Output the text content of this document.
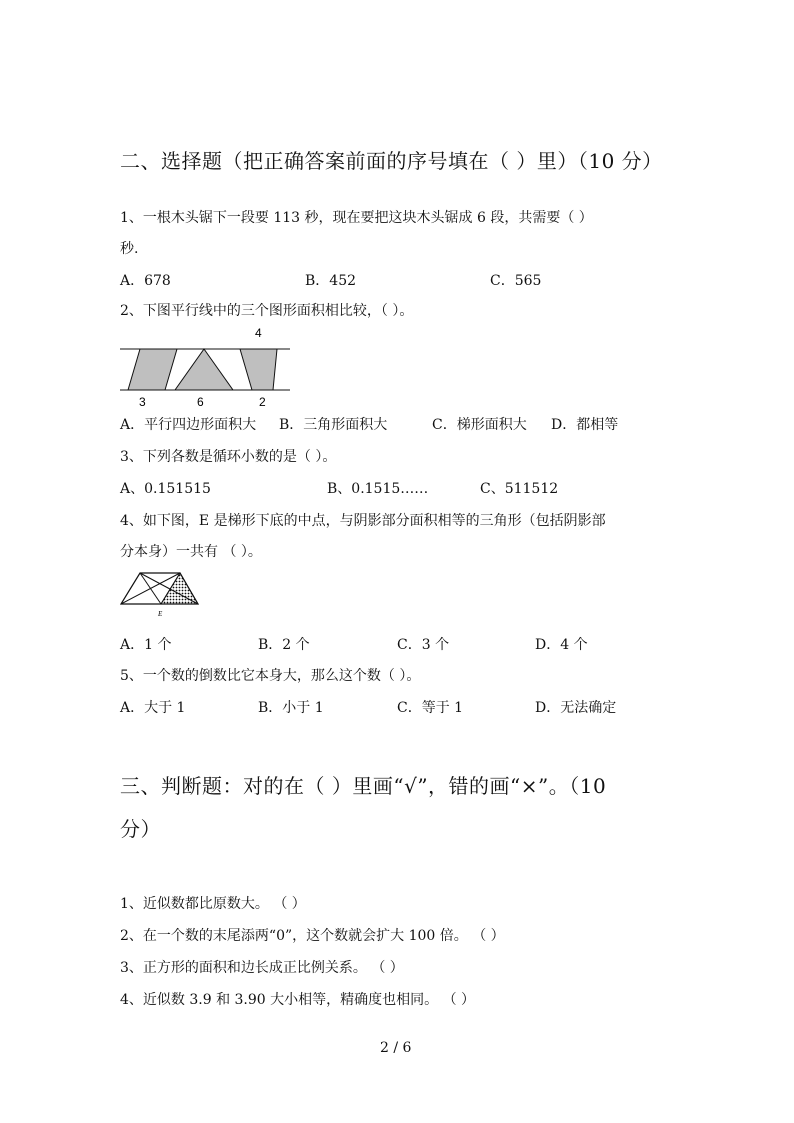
二、选择题（把正确答案前面的序号填在（ ）里）（10 分）
1、一根木头锯下一段要 113 秒，现在要把这块木头锯成 6 段，共需要（ ）
秒.
A．678	B．452	C．565
2、下图平行线中的三个图形面积相比较，（ ）。
4
3	6	2
A．平行四边形面积大 B．三角形面积大	C．梯形面积大 D．都相等
3、下列各数是循环小数的是（ ）。
A、0.151515	B、0.1515……	C、511512
4、如下图，E 是梯形下底的中点，与阴影部分面积相等的三角形（包括阴影部
分本身）一共有 （ ）。
E
A．1 个	B．2 个	C．3 个	D．4 个
5、一个数的倒数比它本身大，那么这个数（ ）。
A．大于 1	B．小于 1	C．等于 1	D．无法确定
三、判断题：对的在（ ）里画“√”，错的画“×”。（10
分）
1、近似数都比原数大。 （ ）
2、在一个数的末尾添两“0”，这个数就会扩大 100 倍。 （ ）
3、正方形的面积和边长成正比例关系。 （ ）
4、近似数 3.9 和 3.90 大小相等，精确度也相同。 （ ）
2 / 6
